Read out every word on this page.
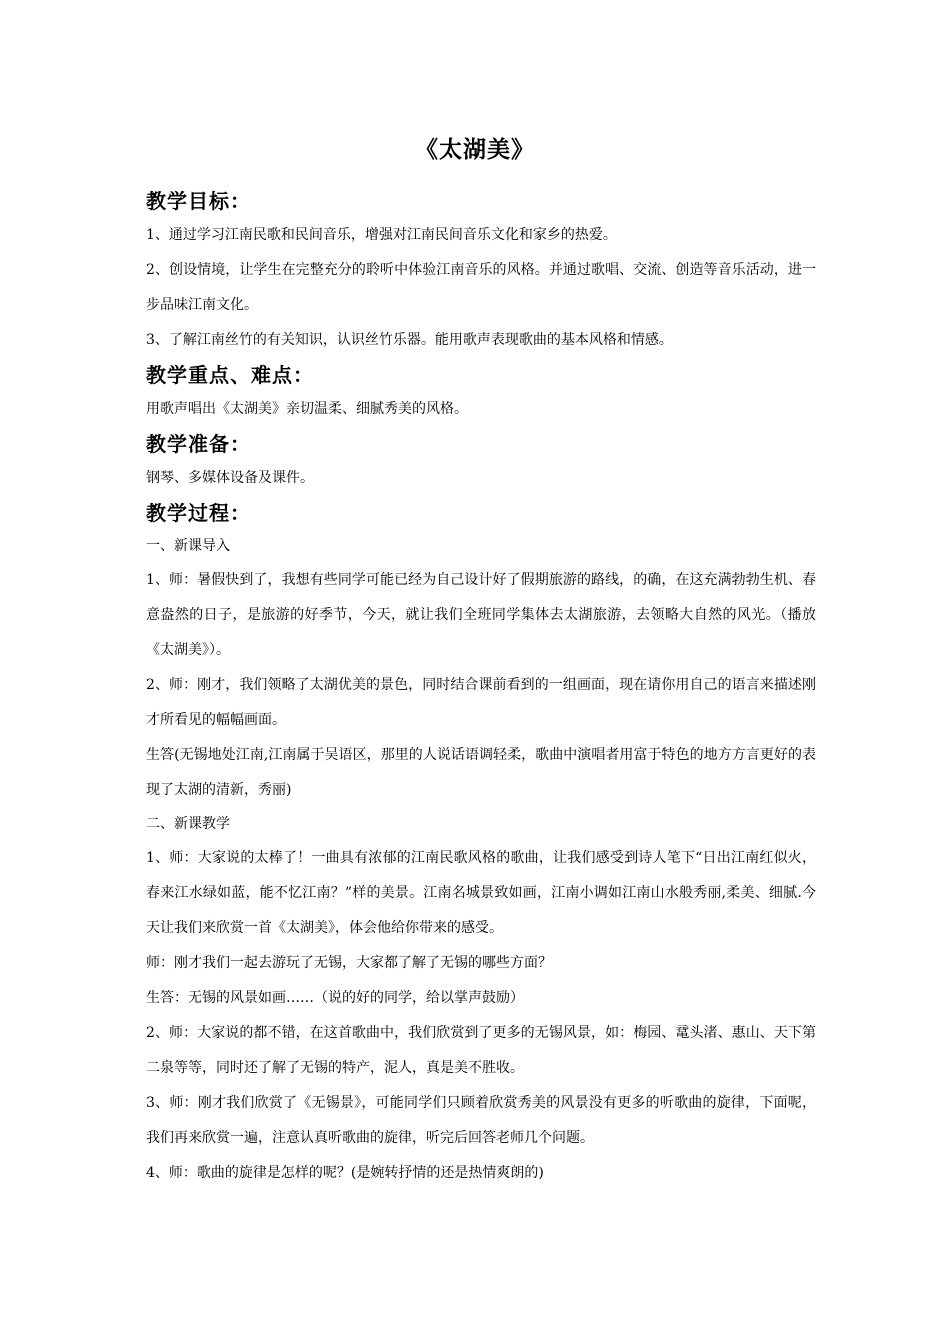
《太湖美》
教学目标：

1、通过学习江南民歌和民间音乐，增强对江南民间音乐文化和家乡的热爱。

2、创设情境，让学生在完整充分的聆听中体验江南音乐的风格。并通过歌唱、交流、创造等音乐活动，进一步品味江南文化。

3、了解江南丝竹的有关知识，认识丝竹乐器。能用歌声表现歌曲的基本风格和情感。

教学重点、难点：

用歌声唱出《太湖美》亲切温柔、细腻秀美的风格。

教学准备：

钢琴、多媒体设备及课件。

教学过程：

一、新课导入

1、师：暑假快到了，我想有些同学可能已经为自己设计好了假期旅游的路线，的确，在这充满勃勃生机、春意盎然的日子，是旅游的好季节，今天，就让我们全班同学集体去太湖旅游，去领略大自然的风光。（播放《太湖美》）。

2、师：刚才，我们领略了太湖优美的景色，同时结合课前看到的一组画面，现在请你用自己的语言来描述刚才所看见的幅幅画面。

生答(无锡地处江南,江南属于吴语区，那里的人说话语调轻柔，歌曲中演唱者用富于特色的地方方言更好的表现了太湖的清新，秀丽)

二、新课教学

1、师：大家说的太棒了！一曲具有浓郁的江南民歌风格的歌曲，让我们感受到诗人笔下“日出江南红似火，春来江水绿如蓝，能不忆江南？”样的美景。江南名城景致如画，江南小调如江南山水般秀丽,柔美、细腻.今天让我们来欣赏一首《太湖美》，体会他给你带来的感受。

师：刚才我们一起去游玩了无锡，大家都了解了无锡的哪些方面？

生答：无锡的风景如画……（说的好的同学，给以掌声鼓励）

2、师：大家说的都不错，在这首歌曲中，我们欣赏到了更多的无锡风景，如：梅园、鼋头渚、惠山、天下第二泉等等，同时还了解了无锡的特产，泥人，真是美不胜收。

3、师：刚才我们欣赏了《无锡景》，可能同学们只顾着欣赏秀美的风景没有更多的听歌曲的旋律，下面呢，我们再来欣赏一遍，注意认真听歌曲的旋律，听完后回答老师几个问题。

4、师：歌曲的旋律是怎样的呢？(是婉转抒情的还是热情爽朗的)
